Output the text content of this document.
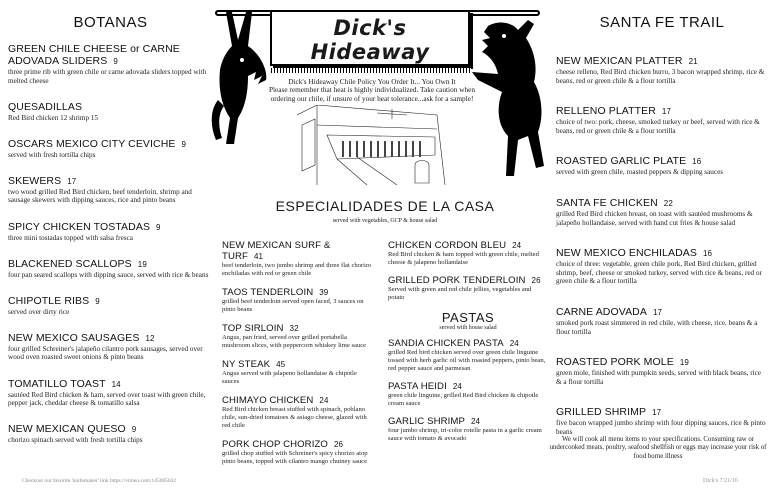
BOTANAS
GREEN CHILE CHEESE or CARNE ADOVADA SLIDERS 9
three prime rib with green chile or carne adovada sliders topped with melted cheese
QUESADILLAS
Red Bird chicken 12 shrimp 15
OSCARS MEXICO CITY CEVICHE 9
served with fresh tortilla chips
SKEWERS 17
two wood grilled Red Bird chicken, beef tenderloin, shrimp and sausage skewers with dipping sauces, rice and pinto beans
SPICY CHICKEN TOSTADAS 9
three mini tostadas topped with salsa fresca
BLACKENED SCALLOPS 19
four pan seared scallops with dipping sauce, served with rice & beans
CHIPOTLE RIBS 9
served over dirty rice
NEW MEXICO SAUSAGES 12
four grilled Schreiner's jalapeño cilantro pork sausages, served over wood oven roasted sweet onions & pinto beans
TOMATILLO TOAST 14
sautéed Red Bird chicken & ham, served over toast with green chile, pepper jack, cheddar cheese & tomatillo salsa
NEW MEXICAN QUESO 9
chorizo spinach served with fresh tortilla chips
Checkout our favorite 'knifemaker' link https://vimeo.com/145085032
Dick's Hideaway
Dick's Hideaway Chile Policy You Order It... You Own It
Please remember that heat is highly individualized. Take caution when ordering our chile, if unsure of your heat tolerance...ask for a sample!
ESPECIALIDADES DE LA CASA
served with vegetables, GCP & house salad
NEW MEXICAN SURF & TURF 41
beef tenderloin, two jumbo shrimp and three flat chorizo enchiladas with red or green chile
TAOS TENDERLOIN 39
grilled beef tenderloin served open faced, 3 sauces on pinto beans
TOP SIRLOIN 32
Angus, pan fried, served over grilled portabella mushroom slices, with peppercorn whiskey lime sauce
NY STEAK 45
Angus served with jalapeno hollandaise & chipotle sauces
CHIMAYO CHICKEN 24
Red Bird chicken breast stuffed with spinach, poblano chile, sun-dried tomatoes & asiago cheese, glazed with red chile
PORK CHOP CHORIZO 26
grilled chop stuffed with Schreiner's spicy chorizo atop pinto beans, topped with cilantro mango chutney sauce
CHICKEN CORDON BLEU 24
Red Bird chicken & ham topped with green chile, melted cheese & jalapeno hollandaise
GRILLED PORK TENDERLOIN 26
Served with green and red chile jellies, vegetables and potato
PASTAS
served with house salad
SANDIA CHICKEN PASTA 24
grilled Red bird chicken served over green chile linguine tossed with herb garlic oil with roasted peppers, pinto bean, red pepper sauce and parmesan
PASTA HEIDI 24
green chile linguine, grilled Red Bird chicken & chipotle cream sauce
GARLIC SHRIMP 24
four jumbo shrimp, tri-color rotelle pasta in a garlic cream sauce with tomato & avocado
SANTA FE TRAIL
NEW MEXICAN PLATTER 21
cheese relleno, Red Bird chicken burro, 3 bacon wrapped shrimp, rice & beans, red or green chile & a flour tortilla
RELLENO PLATTER 17
choice of two: pork, cheese, smoked turkey or beef, served with rice & beans, red or green chile & a flour tortilla
ROASTED GARLIC PLATE 16
served with green chile, roasted peppers & dipping sauces
SANTA FE CHICKEN 22
grilled Red Bird chicken breast, on toast with sautéed mushrooms & jalapeño hollandaise, served with hand cut fries & house salad
NEW MEXICO ENCHILADAS 16
choice of three: vegetable, green chile pork, Red Bird chicken, grilled shrimp, beef, cheese or smoked turkey, served with rice & beans, red or green chile & a flour tortilla
CARNE ADOVADA 17
smoked pork roast simmered in red chile, with cheese, rice, beans & a flour tortilla
ROASTED PORK MOLE 19
green mole, finished with pumpkin seeds, served with black beans, rice & a flour tortilla
GRILLED SHRIMP 17
five bacon wrapped jumbo shrimp with four dipping sauces, rice & pinto beans
We will cook all menu items to your specifications. Consuming raw or undercooked meats, poultry, seafood shellfish or eggs may increase your risk of food borne illness
Dick's 7/21/16
